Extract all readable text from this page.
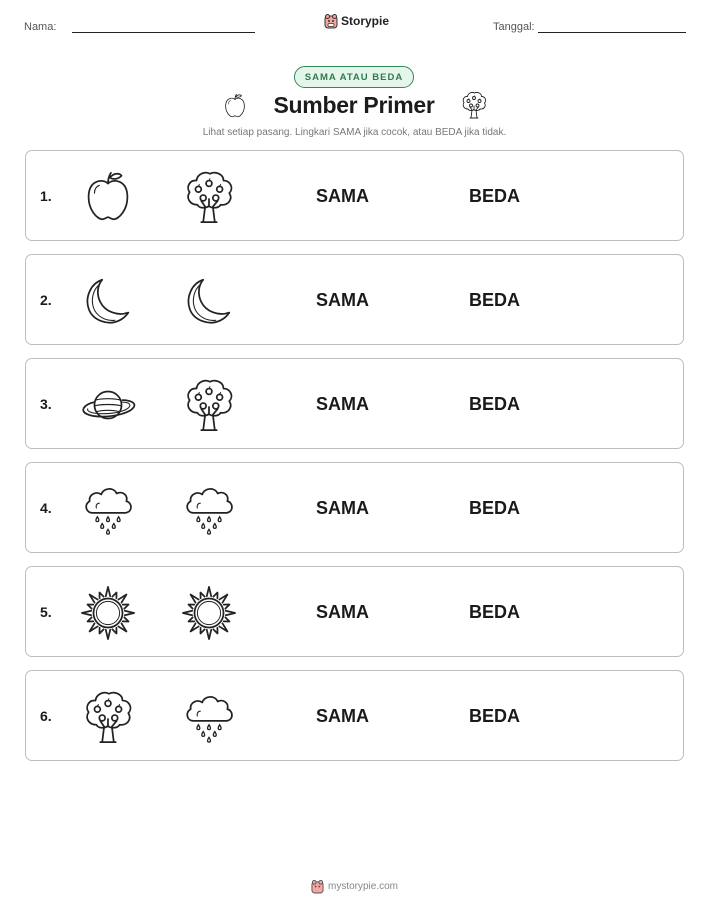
Nama:	Storypie	Tanggal:
SAMA ATAU BEDA
Sumber Primer
Lihat setiap pasang. Lingkari SAMA jika cocok, atau BEDA jika tidak.
1.	SAMA	BEDA
2.	SAMA	BEDA
3.	SAMA	BEDA
4.	SAMA	BEDA
5.	SAMA	BEDA
6.	SAMA	BEDA
mystorypie.com
